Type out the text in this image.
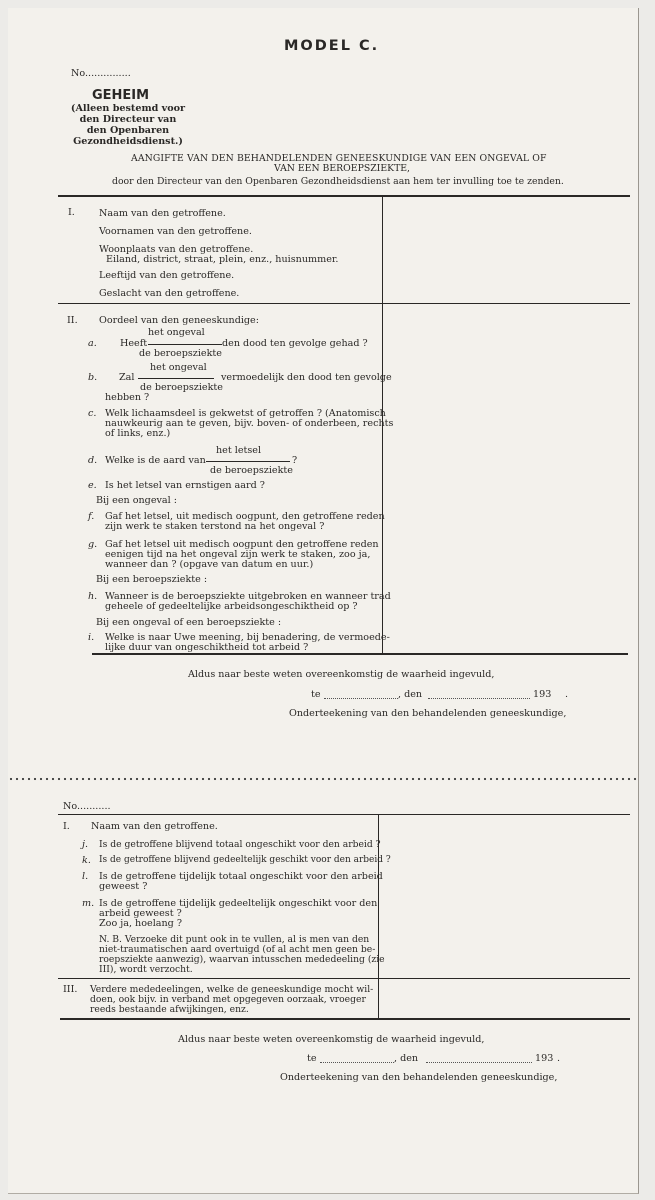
MODEL C.
No...............
GEHEIM
(Alleen bestemd voor den Directeur van den Openbaren Gezondheidsdienst.)
AANGIFTE VAN DEN BEHANDELENDEN GENEESKUNDIGE VAN EEN ONGEVAL OF
VAN EEN BEROEPSZIEKTE,
door den Directeur van den Openbaren Gezondheidsdienst aan hem ter invulling toe te zenden.
I.	Naam van den getroffene.
Voornamen van den getroffene.
Woonplaats van den getroffene.
Eiland, district, straat, plein, enz., huisnummer.
Leeftijd van den getroffene.
Geslacht van den getroffene.
II. Oordeel van den geneeskundige:
a.
het ongeval
Heeft	den dood ten gevolge gehad ?
de beroepsziekte
b.
het ongeval
Zal	vermoedelijk den dood ten gevolge
de beroepsziekte
hebben ?
c. Welk lichaamsdeel is gekwetst of getroffen ? (Anatomisch
nauwkeurig aan te geven, bijv. boven- of onderbeen, rechts
of links, enz.)
d.
het letsel
Welke is de aard van	?
de beroepsziekte
e. Is het letsel van ernstigen aard ?
Bij een ongeval :
f. Gaf het letsel, uit medisch oogpunt, den getroffene reden
zijn werk te staken terstond na het ongeval ?
g. Gaf het letsel uit medisch oogpunt den getroffene reden
eenigen tijd na het ongeval zijn werk te staken, zoo ja,
wanneer dan ? (opgave van datum en uur.)
Bij een beroepsziekte :
h. Wanneer is de beroepsziekte uitgebroken en wanneer trad
geheele of gedeeltelijke arbeidsongeschiktheid op ?
Bij een ongeval of een beroepsziekte :
i. Welke is naar Uwe meening, bij benadering, de vermoede-
lijke duur van ongeschiktheid tot arbeid ?
Aldus naar beste weten overeenkomstig de waarheid ingevuld,
te	, den	193 .
Onderteekening van den behandelenden geneeskundige,
No...........
I. Naam van den getroffene.
j. Is de getroffene blijvend totaal ongeschikt voor den arbeid ?
k. Is de getroffene blijvend gedeeltelijk geschikt voor den arbeid ?
l. Is de getroffene tijdelijk totaal ongeschikt voor den arbeid
geweest ?
m. Is de getroffene tijdelijk gedeeltelijk ongeschikt voor den
arbeid geweest ?
Zoo ja, hoelang ?
N. B. Verzoeke dit punt ook in te vullen, al is men van den
niet-traumatischen aard overtuigd (of al acht men geen be-
roepsziekte aanwezig), waarvan intusschen mededeeling (zie
III), wordt verzocht.
III. Verdere mededeelingen, welke de geneeskundige mocht wil-
doen, ook bijv. in verband met opgegeven oorzaak, vroeger
reeds bestaande afwijkingen, enz.
Aldus naar beste weten overeenkomstig de waarheid ingevuld,
te	, den	193 .
Onderteekening van den behandelenden geneeskundige,
